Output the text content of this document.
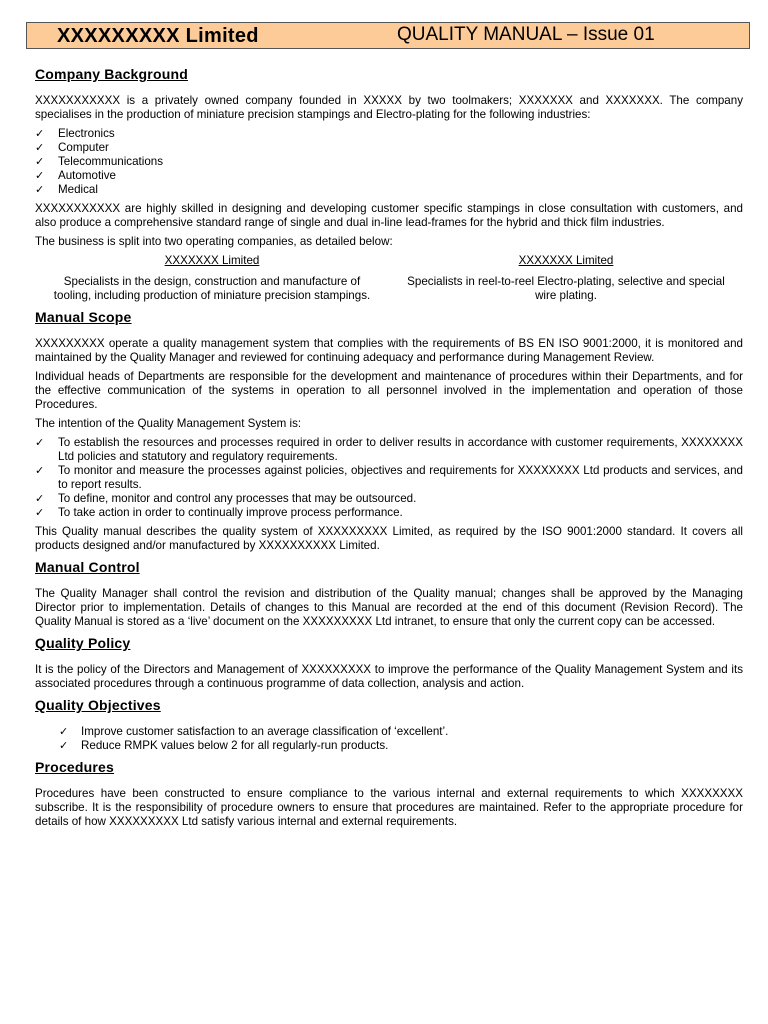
XXXXXXXXX Limited	QUALITY MANUAL – Issue 01
Company Background

XXXXXXXXXXX is a privately owned company founded in XXXXX by two toolmakers; XXXXXXX and XXXXXXX. The company specialises in the production of miniature precision stampings and Electro-plating for the following industries:

✓ Electronics
✓ Computer
✓ Telecommunications
✓ Automotive
✓ Medical

XXXXXXXXXXX are highly skilled in designing and developing customer specific stampings in close consultation with customers, and also produce a comprehensive standard range of single and dual in-line lead-frames for the hybrid and thick film industries.

The business is split into two operating companies, as detailed below:

XXXXXXX Limited
Specialists in the design, construction and manufacture of tooling, including production of miniature precision stampings.
XXXXXXX Limited
Specialists in reel-to-reel Electro-plating, selective and special wire plating.
Manual Scope

XXXXXXXXX operate a quality management system that complies with the requirements of BS EN ISO 9001:2000, it is monitored and maintained by the Quality Manager and reviewed for continuing adequacy and performance during Management Review.

Individual heads of Departments are responsible for the development and maintenance of procedures within their Departments, and for the effective communication of the systems in operation to all personnel involved in the implementation and operation of those Procedures.

The intention of the Quality Management System is:

✓ To establish the resources and processes required in order to deliver results in accordance with customer requirements, XXXXXXXX Ltd policies and statutory and regulatory requirements.
✓ To monitor and measure the processes against policies, objectives and requirements for XXXXXXXX Ltd products and services, and to report results.
✓ To define, monitor and control any processes that may be outsourced.
✓ To take action in order to continually improve process performance.

This Quality manual describes the quality system of XXXXXXXXX Limited, as required by the ISO 9001:2000 standard. It covers all products designed and/or manufactured by XXXXXXXXXX Limited.

Manual Control

The Quality Manager shall control the revision and distribution of the Quality manual; changes shall be approved by the Managing Director prior to implementation. Details of changes to this Manual are recorded at the end of this document (Revision Record). The Quality Manual is stored as a ‘live’ document on the XXXXXXXXX Ltd intranet, to ensure that only the current copy can be accessed.

Quality Policy

It is the policy of the Directors and Management of XXXXXXXXX to improve the performance of the Quality Management System and its associated procedures through a continuous programme of data collection, analysis and action.

Quality Objectives
✓ Improve customer satisfaction to an average classification of ‘excellent’.
✓ Reduce RMPK values below 2 for all regularly-run products.
Procedures

Procedures have been constructed to ensure compliance to the various internal and external requirements to which XXXXXXXX subscribe. It is the responsibility of procedure owners to ensure that procedures are maintained. Refer to the appropriate procedure for details of how XXXXXXXXX Ltd satisfy various internal and external requirements.
